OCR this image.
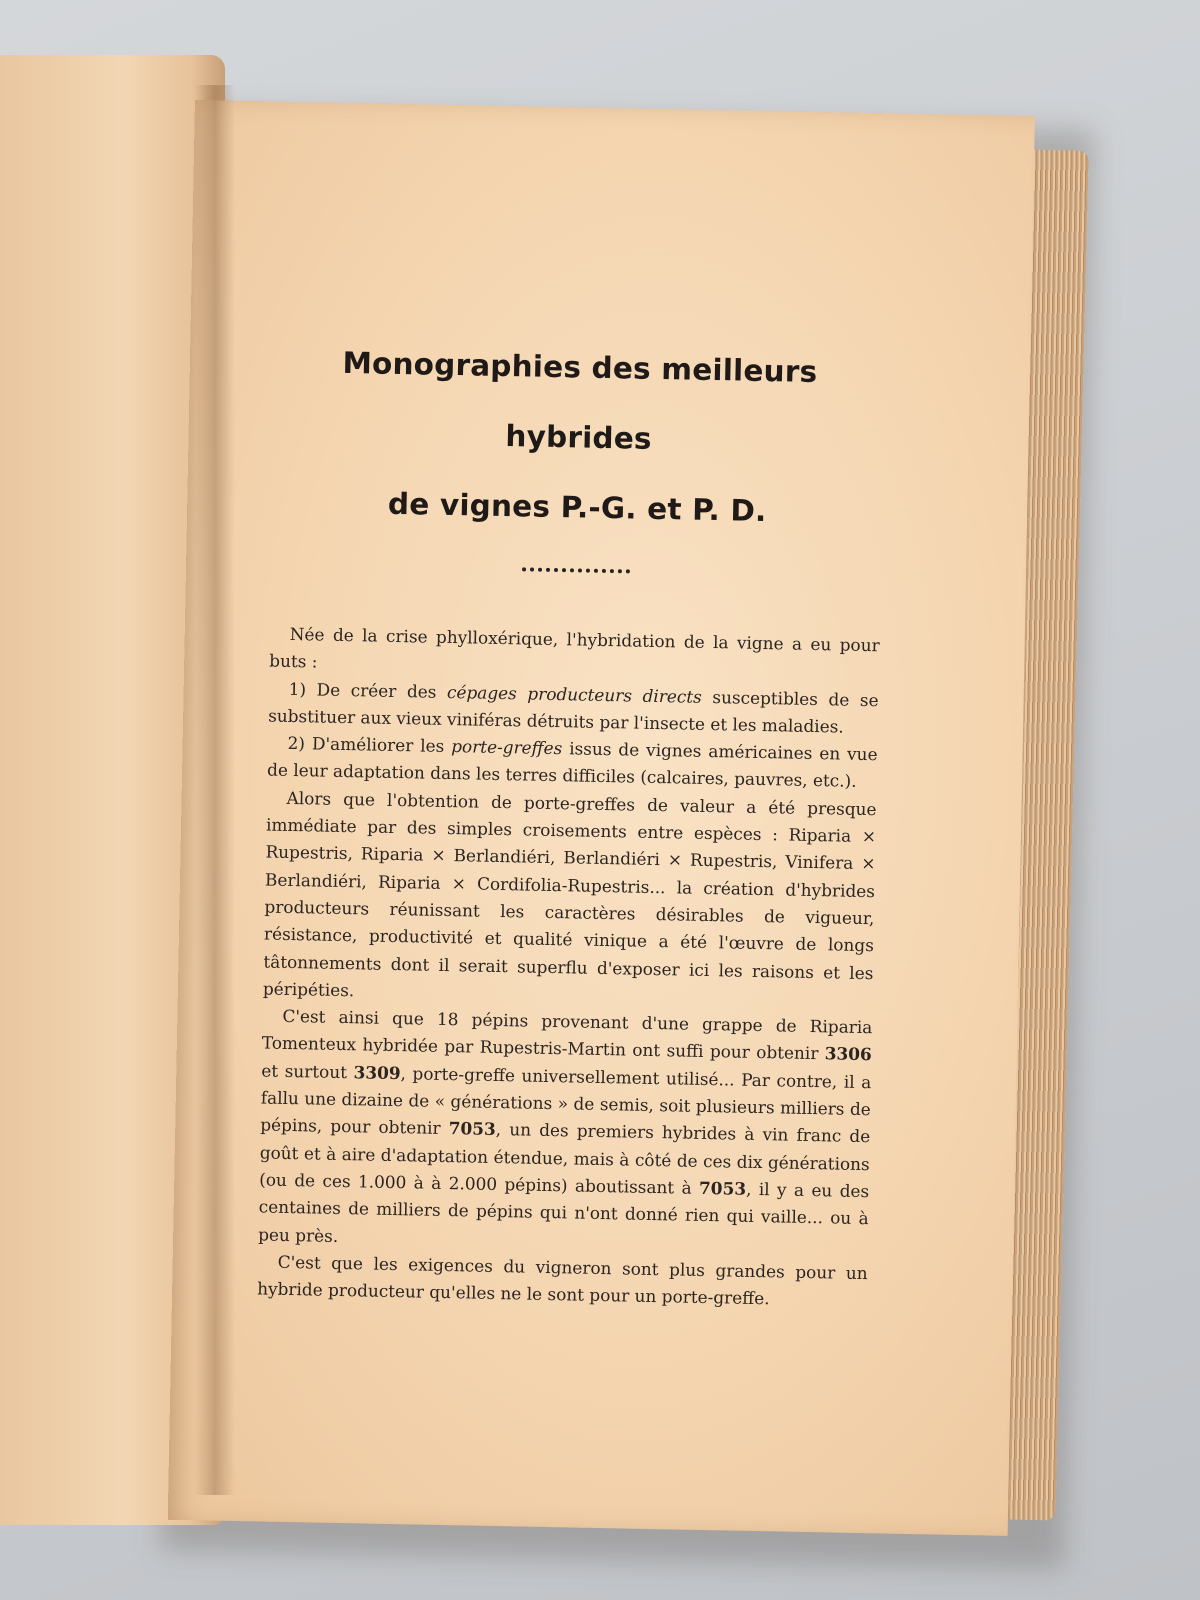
Monographies des meilleurs hybrides
de vignes P.-G. et P. D.

Née de la crise phylloxérique, l'hybridation de la vigne a eu pour buts :

1) De créer des cépages producteurs directs susceptibles de se substituer aux vieux viniféras détruits par l'insecte et les maladies.

2) D'améliorer les porte-greffes issus de vignes américaines en vue de leur adaptation dans les terres difficiles (calcaires, pauvres, etc.).

Alors que l'obtention de porte-greffes de valeur a été presque immédiate par des simples croisements entre espèces : Riparia × Rupestris, Riparia × Berlandiéri, Berlandiéri × Rupestris, Vinifera × Berlandiéri, Riparia × Cordifolia-Rupestris... la création d'hybrides producteurs réunissant les caractères désirables de vigueur, résistance, productivité et qualité vinique a été l'œuvre de longs tâtonnements dont il serait superflu d'exposer ici les raisons et les péripéties.

C'est ainsi que 18 pépins provenant d'une grappe de Riparia Tomenteux hybridée par Rupestris-Martin ont suffi pour obtenir 3306 et surtout 3309, porte-greffe universellement utilisé... Par contre, il a fallu une dizaine de « générations » de semis, soit plusieurs milliers de pépins, pour obtenir 7053, un des premiers hybrides à vin franc de goût et à aire d'adaptation étendue, mais à côté de ces dix générations (ou de ces 1.000 à à 2.000 pépins) aboutissant à 7053, il y a eu des centaines de milliers de pépins qui n'ont donné rien qui vaille... ou à peu près.

C'est que les exigences du vigneron sont plus grandes pour un hybride producteur qu'elles ne le sont pour un porte-greffe.
